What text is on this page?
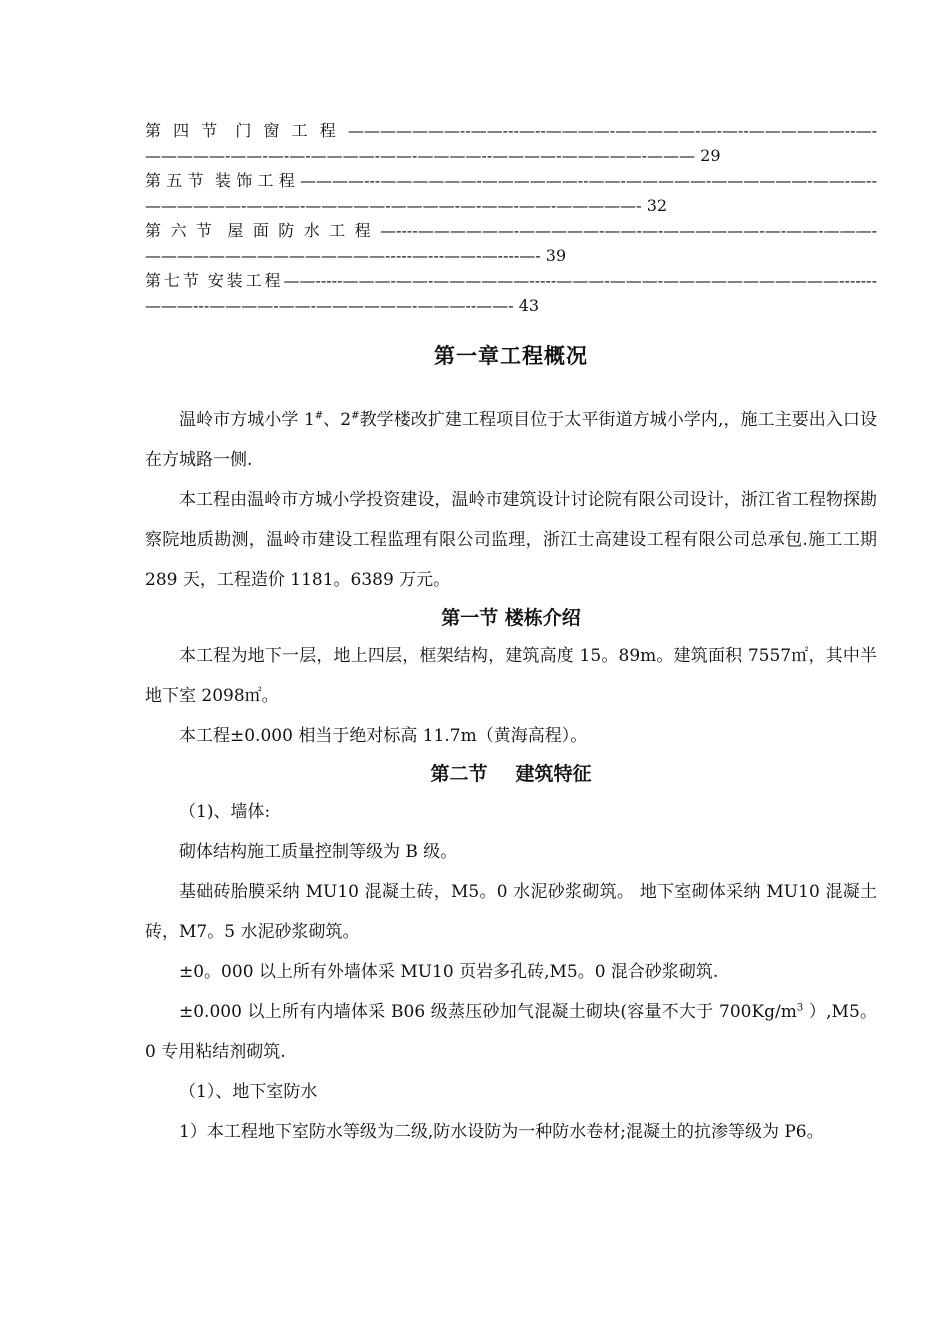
第四节 门窗工程———————--——---—--————-—————-—-—--——————--—-—————-——-—-—-————-——-————--————-—————-——— 29
第五节 装饰工程————---——————-——————--——-—————-——————-——-—--——————-——-—-—————-————-—-——-——-—————- 32
第六节 屋面防水工程—----——————-—————-——-—-——————-—-——-———-———————————————-----—---——-—----—- 39
第七节 安装工程——-----———-——-——————-----———-———-———————————-------———---————-——-——————-———--——- 43
第一章工程概况

温岭市方城小学 1#、2#教学楼改扩建工程项目位于太平街道方城小学内,，施工主要出入口设在方城路一侧.

本工程由温岭市方城小学投资建设，温岭市建筑设计讨论院有限公司设计，浙江省工程物探勘察院地质勘测，温岭市建设工程监理有限公司监理，浙江士高建设工程有限公司总承包.施工工期 289 天，工程造价 1181。6389 万元。

第一节 楼栋介绍

本工程为地下一层，地上四层，框架结构，建筑高度 15。89m。建筑面积 7557㎡，其中半地下室 2098㎡。

本工程±0.000 相当于绝对标高 11.7m（黄海高程）。

第二节 建筑特征

（1)、墙体:

砌体结构施工质量控制等级为 B 级。

基础砖胎膜采纳 MU10 混凝土砖，M5。0 水泥砂浆砌筑。 地下室砌体采纳 MU10 混凝土砖，M7。5 水泥砂浆砌筑。

±0。000 以上所有外墙体采 MU10 页岩多孔砖,M5。0 混合砂浆砌筑.

±0.000 以上所有内墙体采 B06 级蒸压砂加气混凝土砌块(容量不大于 $700Kg/m^3$ ）,M5。0 专用粘结剂砌筑.

（1）、地下室防水

1）本工程地下室防水等级为二级,防水设防为一种防水卷材;混凝土的抗渗等级为 P6。
